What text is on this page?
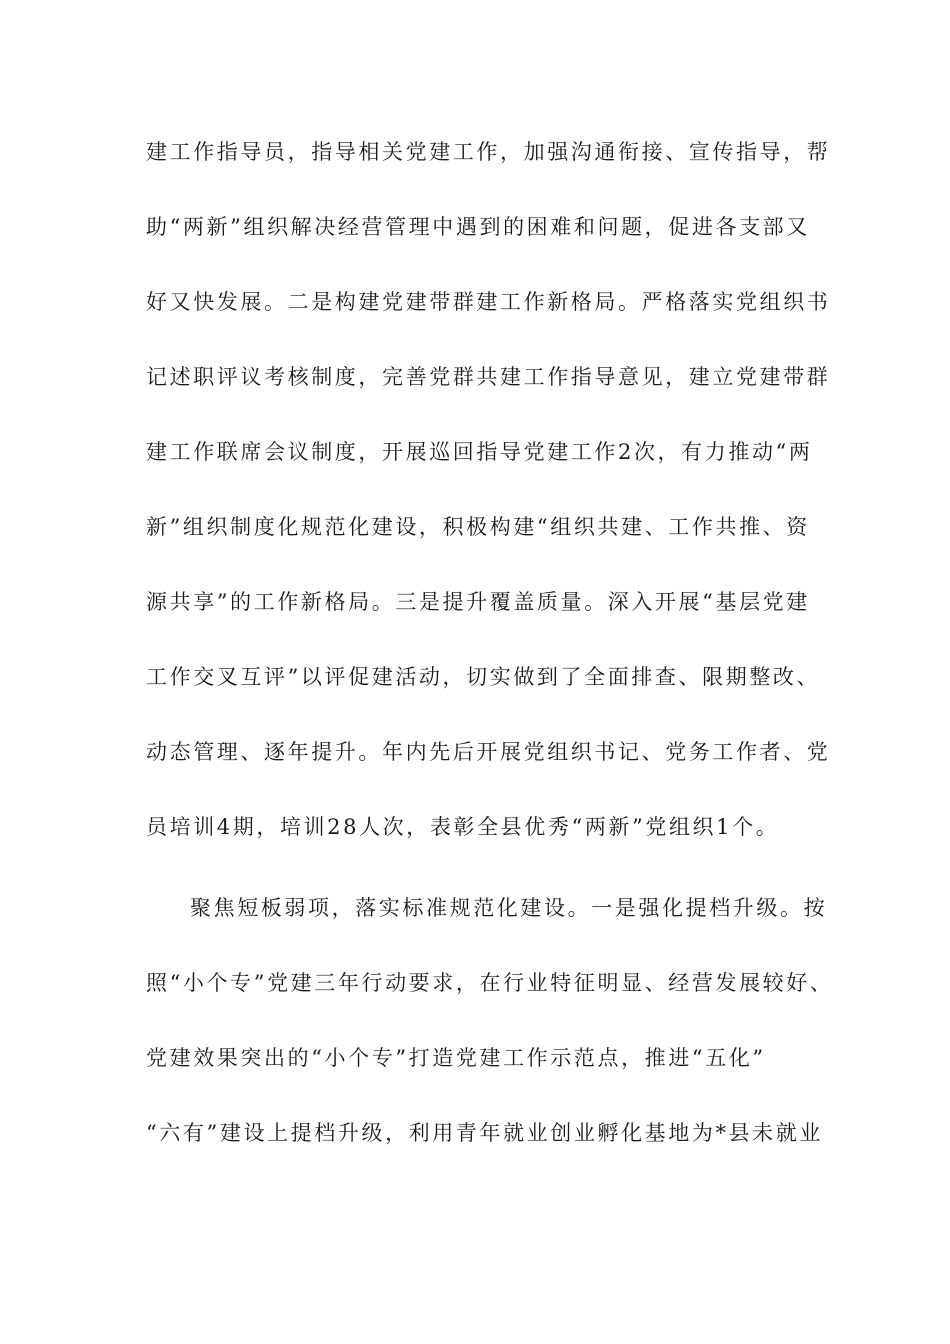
建工作指导员，指导相关党建工作，加强沟通衔接、宣传指导，帮
助“两新”组织解决经营管理中遇到的困难和问题，促进各支部又
好又快发展。二是构建党建带群建工作新格局。严格落实党组织书
记述职评议考核制度，完善党群共建工作指导意见，建立党建带群
建工作联席会议制度，开展巡回指导党建工作2次，有力推动“两
新”组织制度化规范化建设，积极构建“组织共建、工作共推、资
源共享”的工作新格局。三是提升覆盖质量。深入开展“基层党建
工作交叉互评”以评促建活动，切实做到了全面排查、限期整改、
动态管理、逐年提升。年内先后开展党组织书记、党务工作者、党
员培训4期，培训28人次，表彰全县优秀“两新”党组织1个。
聚焦短板弱项，落实标准规范化建设。一是强化提档升级。按
照“小个专”党建三年行动要求，在行业特征明显、经营发展较好、
党建效果突出的“小个专”打造党建工作示范点，推进“五化”
“六有”建设上提档升级，利用青年就业创业孵化基地为*县未就业
